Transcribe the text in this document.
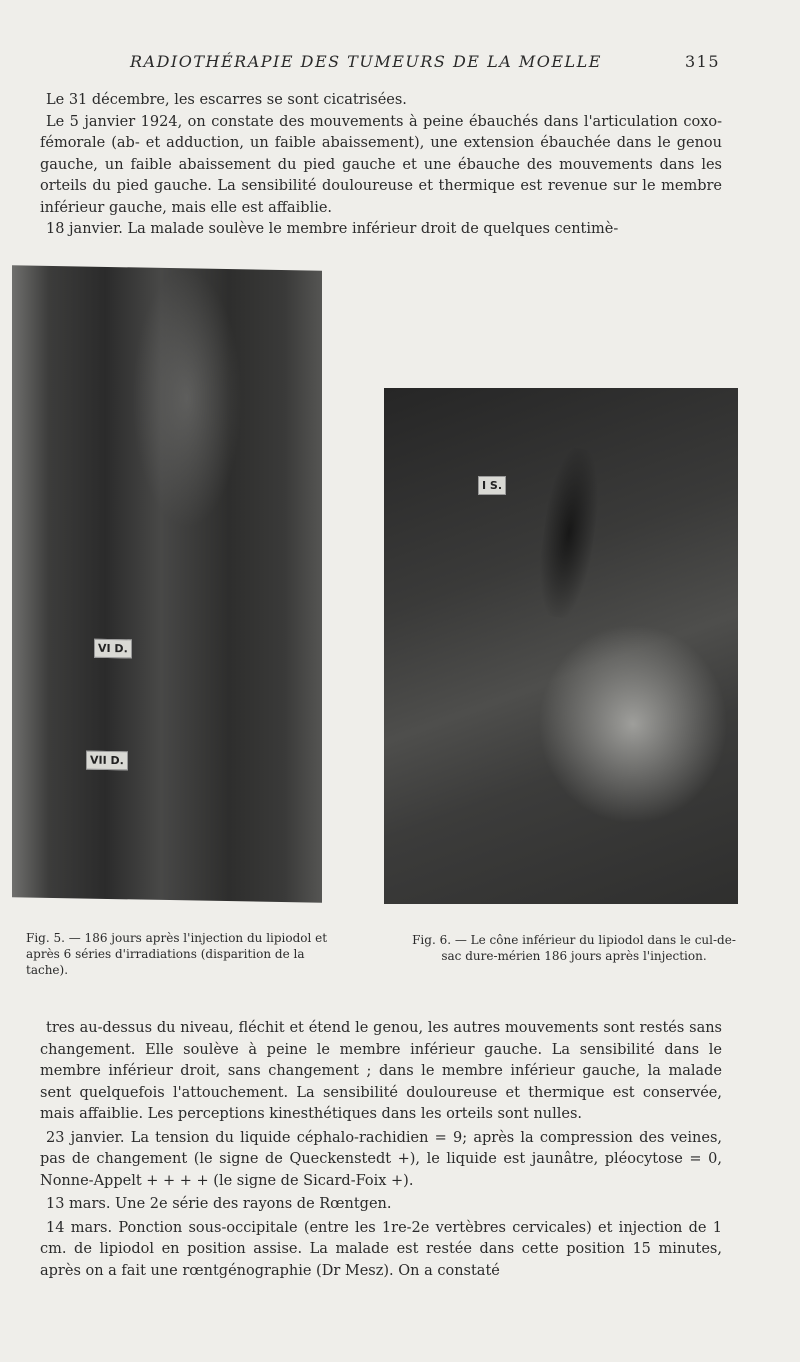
RADIOTHÉRAPIE DES TUMEURS DE LA MOELLE	315

Le 31 décembre, les escarres se sont cicatrisées.

Le 5 janvier 1924, on constate des mouvements à peine ébauchés dans l'articulation coxo-fémorale (ab- et adduction, un faible abaissement), une extension ébauchée dans le genou gauche, un faible abaissement du pied gauche et une ébauche des mouvements dans les orteils du pied gauche. La sensibilité douloureuse et thermique est revenue sur le membre inférieur gauche, mais elle est affaiblie.

18 janvier. La malade soulève le membre inférieur droit de quelques centimè-

VI D.
VII D.
I S.
Fig. 5. — 186 jours après l'injection du lipiodol et après 6 séries d'irradiations (disparition de la tache).
Fig. 6. — Le cône inférieur du lipiodol dans le cul-de-sac dure-mérien 186 jours après l'injection.

tres au-dessus du niveau, fléchit et étend le genou, les autres mouvements sont restés sans changement. Elle soulève à peine le membre inférieur gauche. La sensibilité dans le membre inférieur droit, sans changement ; dans le membre inférieur gauche, la malade sent quelquefois l'attouchement. La sensibilité douloureuse et thermique est conservée, mais affaiblie. Les perceptions kinesthétiques dans les orteils sont nulles.

23 janvier. La tension du liquide céphalo-rachidien = 9; après la compression des veines, pas de changement (le signe de Queckenstedt +), le liquide est jaunâtre, pléocytose = 0, Nonne-Appelt + + + + (le signe de Sicard-Foix +).

13 mars. Une 2e série des rayons de Rœntgen.

14 mars. Ponction sous-occipitale (entre les 1re-2e vertèbres cervicales) et injection de 1 cm. de lipiodol en position assise. La malade est restée dans cette position 15 minutes, après on a fait une rœntgénographie (Dr Mesz). On a constaté
